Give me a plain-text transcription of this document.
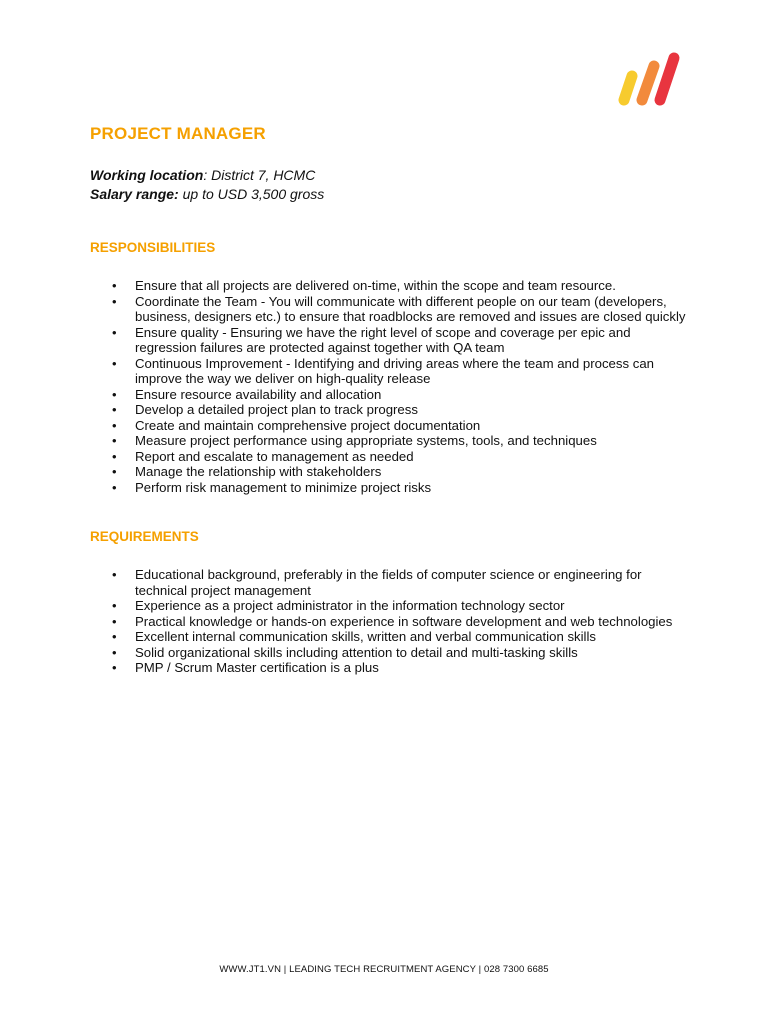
PROJECT MANAGER
Working location: District 7, HCMC
Salary range: up to USD 3,500 gross
RESPONSIBILITIES
• Ensure that all projects are delivered on-time, within the scope and team resource.
• Coordinate the Team - You will communicate with different people on our team (developers, business, designers etc.) to ensure that roadblocks are removed and issues are closed quickly
• Ensure quality - Ensuring we have the right level of scope and coverage per epic and regression failures are protected against together with QA team
• Continuous Improvement - Identifying and driving areas where the team and process can improve the way we deliver on high-quality release
• Ensure resource availability and allocation
• Develop a detailed project plan to track progress
• Create and maintain comprehensive project documentation
• Measure project performance using appropriate systems, tools, and techniques
• Report and escalate to management as needed
• Manage the relationship with stakeholders
• Perform risk management to minimize project risks
REQUIREMENTS
• Educational background, preferably in the fields of computer science or engineering for technical project management
• Experience as a project administrator in the information technology sector
• Practical knowledge or hands-on experience in software development and web technologies
• Excellent internal communication skills, written and verbal communication skills
• Solid organizational skills including attention to detail and multi-tasking skills
• PMP / Scrum Master certification is a plus
WWW.JT1.VN | LEADING TECH RECRUITMENT AGENCY | 028 7300 6685
